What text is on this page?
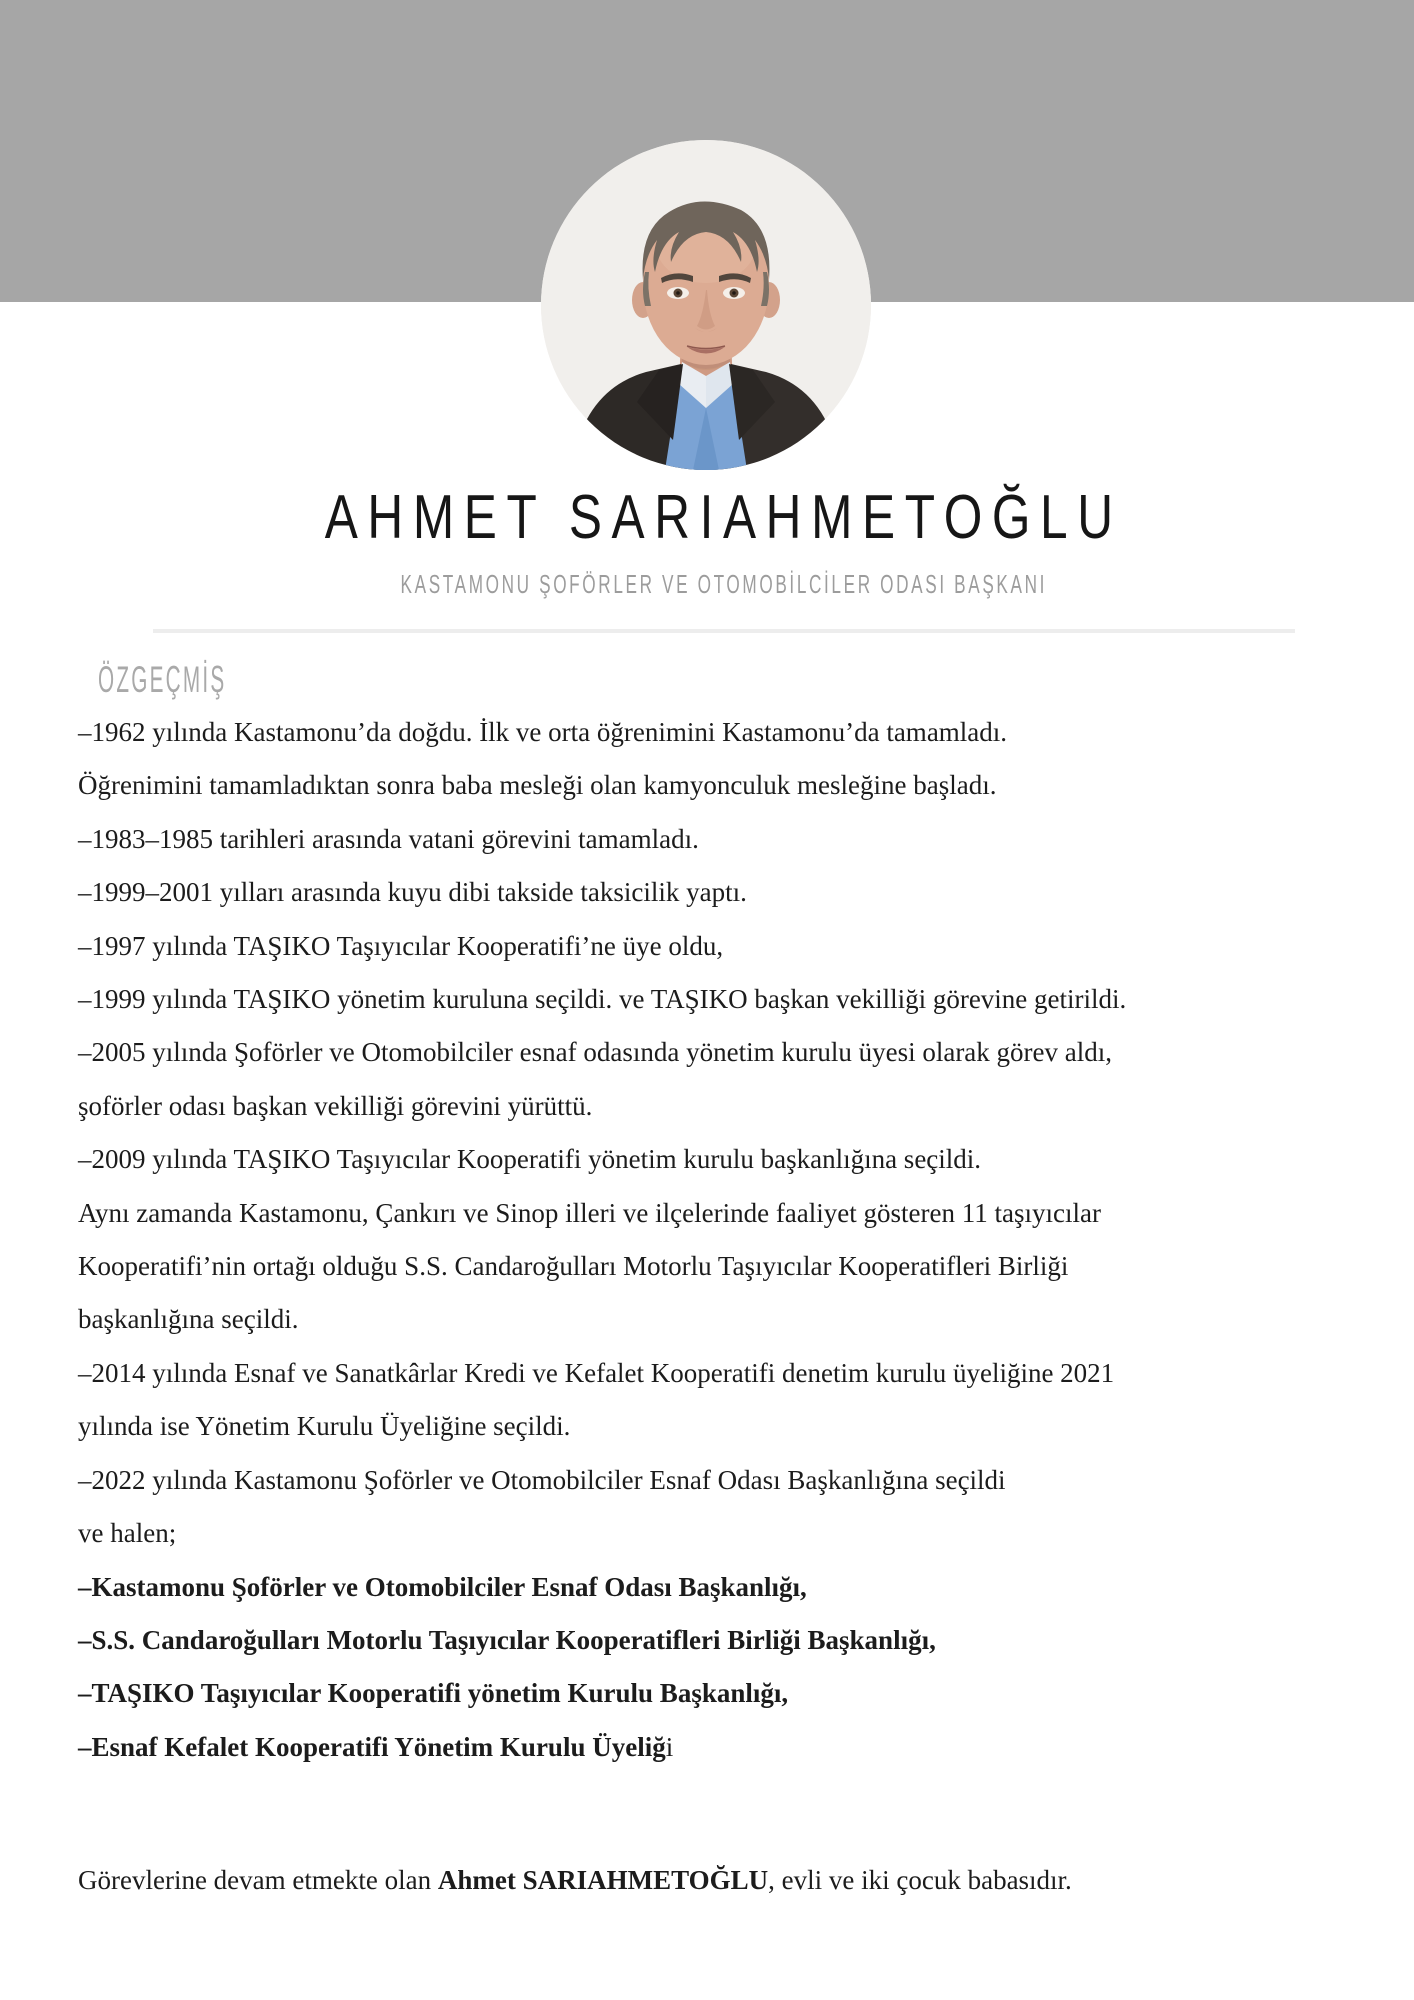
AHMET SARIAHMETOĞLU
KASTAMONU ŞOFÖRLER VE OTOMOBİLCİLER ODASI BAŞKANI
ÖZGEÇMİŞ
–1962 yılında Kastamonu’da doğdu. İlk ve orta öğrenimini Kastamonu’da tamamladı.
Öğrenimini tamamladıktan sonra baba mesleği olan kamyonculuk mesleğine başladı.
–1983–1985 tarihleri arasında vatani görevini tamamladı.
–1999–2001 yılları arasında kuyu dibi takside taksicilik yaptı.
–1997 yılında TAŞIKO Taşıyıcılar Kooperatifi’ne üye oldu,
–1999 yılında TAŞIKO yönetim kuruluna seçildi. ve TAŞIKO başkan vekilliği görevine getirildi.
–2005 yılında Şoförler ve Otomobilciler esnaf odasında yönetim kurulu üyesi olarak görev aldı,
şoförler odası başkan vekilliği görevini yürüttü.
–2009 yılında TAŞIKO Taşıyıcılar Kooperatifi yönetim kurulu başkanlığına seçildi.
Aynı zamanda Kastamonu, Çankırı ve Sinop illeri ve ilçelerinde faaliyet gösteren 11 taşıyıcılar
Kooperatifi’nin ortağı olduğu S.S. Candaroğulları Motorlu Taşıyıcılar Kooperatifleri Birliği
başkanlığına seçildi.
–2014 yılında Esnaf ve Sanatkârlar Kredi ve Kefalet Kooperatifi denetim kurulu üyeliğine 2021
yılında ise Yönetim Kurulu Üyeliğine seçildi.
–2022 yılında Kastamonu Şoförler ve Otomobilciler Esnaf Odası Başkanlığına seçildi
ve halen;
–Kastamonu Şoförler ve Otomobilciler Esnaf Odası Başkanlığı,
–S.S. Candaroğulları Motorlu Taşıyıcılar Kooperatifleri Birliği Başkanlığı,
–TAŞIKO Taşıyıcılar Kooperatifi yönetim Kurulu Başkanlığı,
–Esnaf Kefalet Kooperatifi Yönetim Kurulu Üyeliği
Görevlerine devam etmekte olan Ahmet SARIAHMETOĞLU, evli ve iki çocuk babasıdır.
